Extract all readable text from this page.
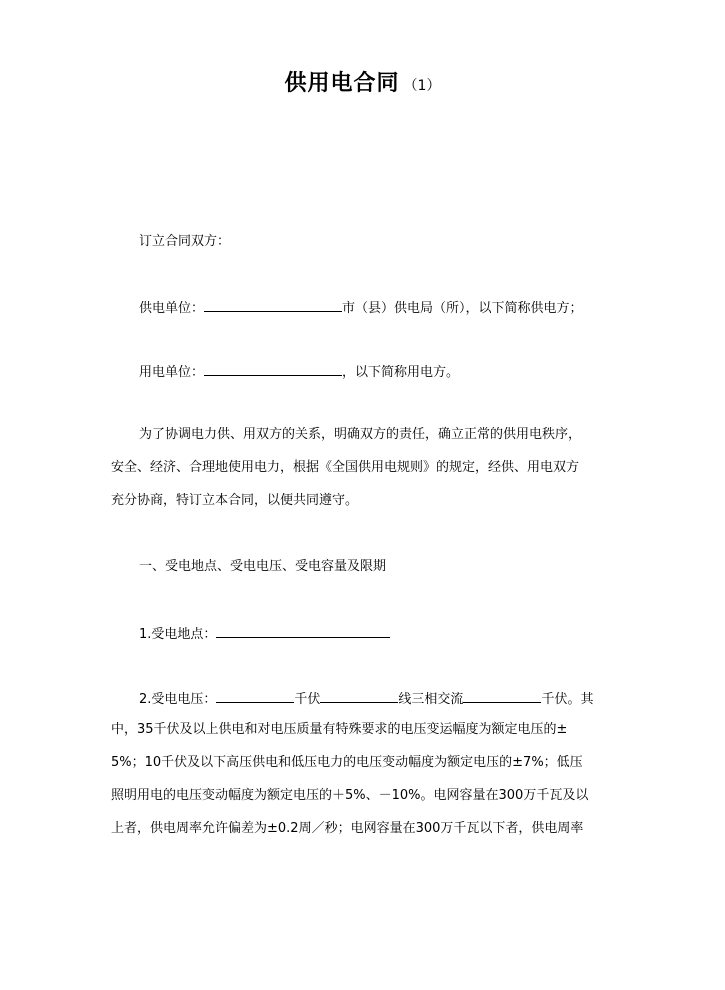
供用电合同 （1）
订立合同双方：
供电单位：	市（县）供电局（所），以下简称供电方；
用电单位：	，以下简称用电方。
为了协调电力供、用双方的关系，明确双方的责任，确立正常的供用电秩序，
安全、经济、合理地使用电力，根据《全国供用电规则》的规定，经供、用电双方
充分协商，特订立本合同，以便共同遵守。
一、受电地点、受电电压、受电容量及限期
1.受电地点：
2.受电电压：	千伏	线三相交流	千伏。其
中，35千伏及以上供电和对电压质量有特殊要求的电压变运幅度为额定电压的±
5%；10千伏及以下高压供电和低压电力的电压变动幅度为额定电压的±7%；低压
照明用电的电压变动幅度为额定电压的＋5%、－10%。电网容量在300万千瓦及以
上者，供电周率允许偏差为±0.2周／秒；电网容量在300万千瓦以下者，供电周率
